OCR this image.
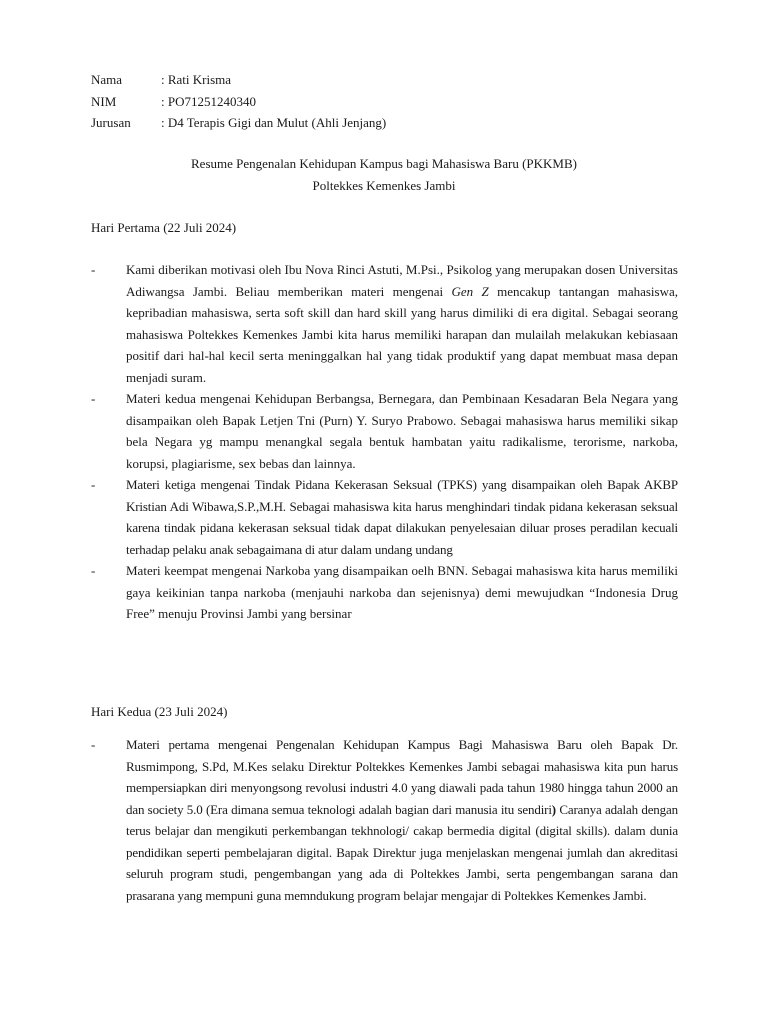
Nama	: Rati Krisma
NIM	: PO71251240340
Jurusan : D4 Terapis Gigi dan Mulut (Ahli Jenjang)
Resume Pengenalan Kehidupan Kampus bagi Mahasiswa Baru (PKKMB)
Poltekkes Kemenkes Jambi
Hari Pertama (22 Juli 2024)
- Kami diberikan motivasi oleh Ibu Nova Rinci Astuti, M.Psi., Psikolog yang merupakan dosen Universitas Adiwangsa Jambi. Beliau memberikan materi mengenai Gen Z mencakup tantangan mahasiswa, kepribadian mahasiswa, serta soft skill dan hard skill yang harus dimiliki di era digital. Sebagai seorang mahasiswa Poltekkes Kemenkes Jambi kita harus memiliki harapan dan mulailah melakukan kebiasaan positif dari hal-hal kecil serta meninggalkan hal yang tidak produktif yang dapat membuat masa depan menjadi suram.
- Materi kedua mengenai Kehidupan Berbangsa, Bernegara, dan Pembinaan Kesadaran Bela Negara yang disampaikan oleh Bapak Letjen Tni (Purn) Y. Suryo Prabowo. Sebagai mahasiswa harus memiliki sikap bela Negara yg mampu menangkal segala bentuk hambatan yaitu radikalisme, terorisme, narkoba, korupsi, plagiarisme, sex bebas dan lainnya.
- Materi ketiga mengenai Tindak Pidana Kekerasan Seksual (TPKS) yang disampaikan oleh Bapak AKBP Kristian Adi Wibawa,S.P.,M.H. Sebagai mahasiswa kita harus menghindari tindak pidana kekerasan seksual karena tindak pidana kekerasan seksual tidak dapat dilakukan penyelesaian diluar proses peradilan kecuali terhadap pelaku anak sebagaimana di atur dalam undang undang
- Materi keempat mengenai Narkoba yang disampaikan oelh BNN. Sebagai mahasiswa kita harus memiliki gaya keikinian tanpa narkoba (menjauhi narkoba dan sejenisnya) demi mewujudkan “Indonesia Drug Free” menuju Provinsi Jambi yang bersinar
Hari Kedua (23 Juli 2024)
- Materi pertama mengenai Pengenalan Kehidupan Kampus Bagi Mahasiswa Baru oleh Bapak Dr. Rusmimpong, S.Pd, M.Kes selaku Direktur Poltekkes Kemenkes Jambi sebagai mahasiswa kita pun harus mempersiapkan diri menyongsong revolusi industri 4.0 yang diawali pada tahun 1980 hingga tahun 2000 an dan society 5.0 (Era dimana semua teknologi adalah bagian dari manusia itu sendiri) Caranya adalah dengan terus belajar dan mengikuti perkembangan tekhnologi/ cakap bermedia digital (digital skills). dalam dunia pendidikan seperti pembelajaran digital. Bapak Direktur juga menjelaskan mengenai jumlah dan akreditasi seluruh program studi, pengembangan yang ada di Poltekkes Jambi, serta pengembangan sarana dan prasarana yang mempuni guna memndukung program belajar mengajar di Poltekkes Kemenkes Jambi.
